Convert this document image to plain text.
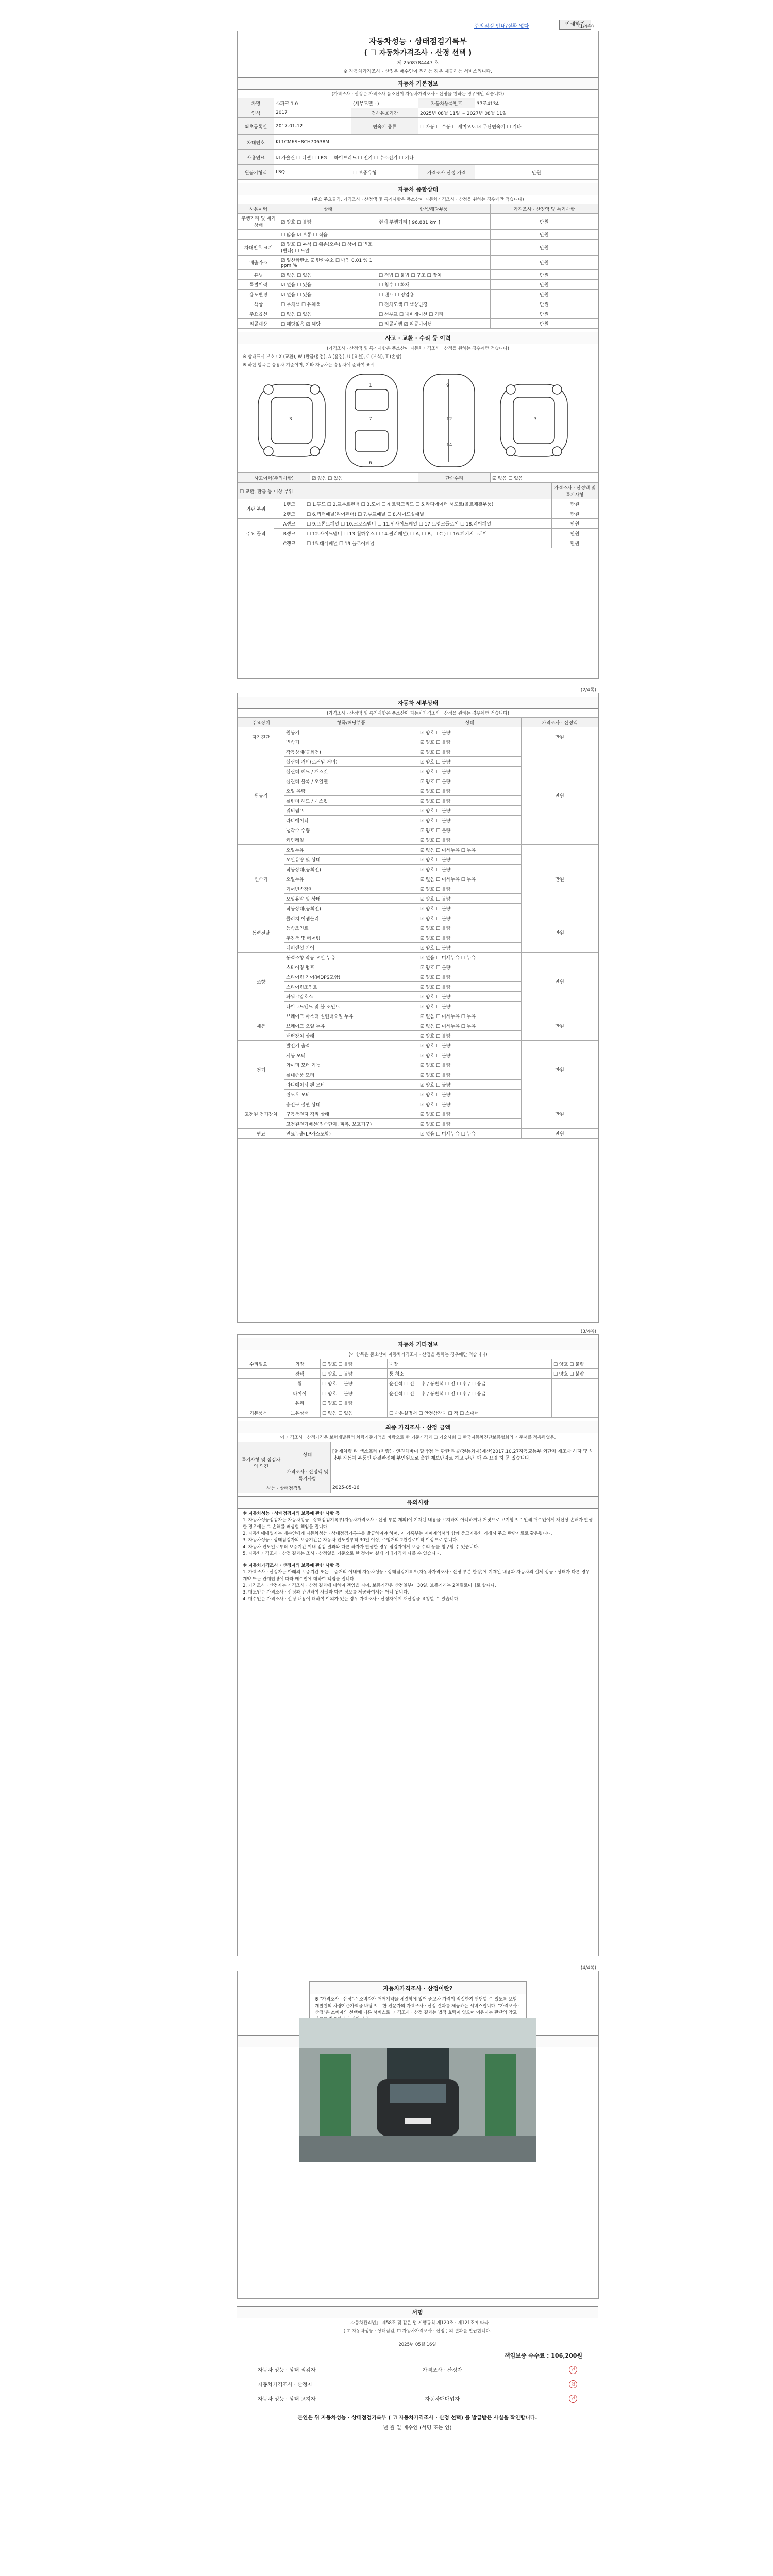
주의점검 안내/질환 없다	인쇄하기
(1/4쪽)
자동차성능 · 상태점검기록부
( ☐ 자동차가격조사 · 산정 선택 )
제 2508784447 호
※ 자동차가격조사 · 산정은 매수인이 원하는 경우 제공하는 서비스입니다.
자동차 기본정보
(가격조사 · 산정은 가격조사 품소산이 자동차가격조사 · 산정을 원하는 경우에만 적습니다)
차명	스파크 1.0	(세부모델 : )	자동차등록번호	37조4134
연식	2017	검사유효기간	2025년 08월 11일 ~ 2027년 08월 11일	
최초등록일	2017-01-12	변속기 종류	☐ 자동 ☐ 수동 ☐ 세미오토 ☑ 무단변속기 ☐ 기타	
차대번호	KL1CM6SH8CH70638M			
사용연료	☑ 가솔린 ☐ 디젤 ☐ LPG ☐ 하이브리드 ☐ 전기 ☐ 수소전기 ☐ 기타			
원동기형식	LSQ	☐ 보증유형	가격조사 산정 가격	만원
자동차 종합상태
(주요·주요골격, 가격조사 · 산정액 및 특기사항은 품소산이 자동차가격조사 · 산정을 원하는 경우에만 적습니다)
사용이력	상태	항목/해당부품	가격조사 · 산정액 및 특기사항
주행거리 및 계기상태	☑ 양호 ☐ 불량	현재 주행거리 [ 96,881 km ]	만원
	☐ 많음 ☑ 보통 ☐ 적음		만원
차대번호 표기	☑ 양호 ☐ 부식 ☐ 훼손(오손) ☐ 상이 ☐ 변조(변타) ☐ 도말		만원
배출가스	☑ 일산화탄소 ☑ 탄화수소 ☐ 매연 0.01 % 1 ppm %		만원
튜닝	☑ 없음 ☐ 있음	☐ 적법 ☐ 불법 ☐ 구조 ☐ 장치	만원
특별이력	☑ 없음 ☐ 있음	☐ 침수 ☐ 화재	만원
용도변경	☑ 없음 ☐ 있음	☐ 렌트 ☐ 영업용	만원
색상	☐ 무채색 ☐ 유채색	☐ 전체도색 ☐ 색상변경	만원
주요옵션	☐ 없음 ☐ 있음	☐ 선루프 ☐ 내비게이션 ☐ 기타	만원
리콜대상	☐ 해당없음 ☑ 해당	☐ 리콜이행 ☑ 리콜미이행	만원
사고 · 교환 · 수리 등 이력
(가격조사 · 산정액 및 특기사항은 품소산이 자동차가격조사 · 산정을 원하는 경우에만 적습니다)
※ 상태표시 부호 : X (교환), W (판금/용접), A (흠집), U (요철), C (부식), T (손상)
※ 하단 항목은 승용차 기준이며, 기타 자동차는 승용차에 준하여 표시
3
1
7
6
9
12
14
3
사고이력(주의사항)	☑ 없음 ☐ 있음	단순수리	☑ 없음 ☐ 있음
☐ 교환, 판금 등 이상 부위			가격조사 · 산정액 및 특기사항
외판 부위	1랭크	☐ 1.후드 ☐ 2.프론트펜더 ☐ 3.도어 ☐ 4.트렁크리드 ☐ 5.라디에이터 서포트(볼트체결부품)	만원
	2랭크	☐ 6.쿼터패널(리어펜더) ☐ 7.루프패널 ☐ 8.사이드실패널	만원
주요 골격	A랭크	☐ 9.프론트패널 ☐ 10.크로스멤버 ☐ 11.인사이드패널 ☐ 17.트렁크플로어 ☐ 18.리어패널	만원
	B랭크	☐ 12.사이드멤버 ☐ 13.휠하우스 ☐ 14.필러패널( ☐ A, ☐ B, ☐ C ) ☐ 16.패키지트레이	만원
	C랭크	☐ 15.대쉬패널 ☐ 19.플로어패널	만원
(2/4쪽)
자동차 세부상태
(가격조사 · 산정액 및 특기사항은 품소산이 자동차가격조사 · 산정을 원하는 경우에만 적습니다)
주요장치	항목/해당부품	상태	가격조사 · 산정액
자기진단	원동기	☑ 양호 ☐ 불량	만원
	변속기	☑ 양호 ☐ 불량	
원동기	작동상태(공회전)	☑ 양호 ☐ 불량	만원
	실린더 커버(로커암 커버)	☑ 양호 ☐ 불량	
	실린더 헤드 / 개스킷	☑ 양호 ☐ 불량	
	실린더 블록 / 오일팬	☑ 양호 ☐ 불량	
	오일 유량	☑ 양호 ☐ 불량	
	실린더 헤드 / 개스킷	☑ 양호 ☐ 불량	
	워터펌프	☑ 양호 ☐ 불량	
	라디에이터	☑ 양호 ☐ 불량	
	냉각수 수량	☑ 양호 ☐ 불량	
	커먼레일	☑ 양호 ☐ 불량	
변속기	오일누유	☑ 없음 ☐ 미세누유 ☐ 누유	만원
	오일유량 및 상태	☑ 양호 ☐ 불량	
	작동상태(공회전)	☑ 양호 ☐ 불량	
	오일누유	☑ 없음 ☐ 미세누유 ☐ 누유	
	기어변속장치	☑ 양호 ☐ 불량	
	오일유량 및 상태	☑ 양호 ☐ 불량	
	작동상태(공회전)	☑ 양호 ☐ 불량	
동력전달	클러치 어셈블리	☑ 양호 ☐ 불량	만원
	등속조인트	☑ 양호 ☐ 불량	
	추진축 및 베어링	☑ 양호 ☐ 불량	
	디퍼렌셜 기어	☑ 양호 ☐ 불량	
조향	동력조향 작동 오일 누유	☑ 없음 ☐ 미세누유 ☐ 누유	만원
	스티어링 펌프	☑ 양호 ☐ 불량	
	스티어링 기어(MDPS포함)	☑ 양호 ☐ 불량	
	스티어링조인트	☑ 양호 ☐ 불량	
	파워고압호스	☑ 양호 ☐ 불량	
	타이로드엔드 및 볼 조인트	☑ 양호 ☐ 불량	
제동	브레이크 마스터 실린더오일 누유	☑ 없음 ☐ 미세누유 ☐ 누유	만원
	브레이크 오일 누유	☑ 없음 ☐ 미세누유 ☐ 누유	
	배력장치 상태	☑ 양호 ☐ 불량	
전기	발전기 출력	☑ 양호 ☐ 불량	만원
	시동 모터	☑ 양호 ☐ 불량	
	와이퍼 모터 기능	☑ 양호 ☐ 불량	
	실내송풍 모터	☑ 양호 ☐ 불량	
	라디에이터 팬 모터	☑ 양호 ☐ 불량	
	윈도우 모터	☑ 양호 ☐ 불량	
고전원 전기장치	충전구 절연 상태	☑ 양호 ☐ 불량	만원
	구동축전지 격리 상태	☑ 양호 ☐ 불량	
	고전원전기배선(접속단자, 피복, 보호기구)	☑ 양호 ☐ 불량	
연료	연료누출(LP가스포함)	☑ 없음 ☐ 미세누유 ☐ 누유	만원
(3/4쪽)
자동차 기타정보
(이 항목은 품소산이 자동차가격조사 · 산정을 원하는 경우에만 적습니다)
수리필요	외장	☐ 양호 ☐ 불량	내장	☐ 양호 ☐ 불량
	광택	☐ 양호 ☐ 불량	룸 청소	☐ 양호 ☐ 불량
	휠	☐ 양호 ☐ 불량	운전석 ☐ 전 ☐ 후 / 동반석 ☐ 전 ☐ 후 / ☐ 응급	
	타이어	☐ 양호 ☐ 불량	운전석 ☐ 전 ☐ 후 / 동반석 ☐ 전 ☐ 후 / ☐ 응급	
	유리	☐ 양호 ☐ 불량		
기본품목	보유상태	☐ 없음 ☐ 있음	☐ 사용설명서 ☐ 안전삼각대 ☐ 잭 ☐ 스패너	
최종 가격조사 · 산정 금액
이 가격조사 · 산정가격은 보험개발원의 차량기준가액을 바탕으로 한 기준가격과 ☐ 기술사회 ☐ 한국자동차진단보증협회의 기준서를 적용하였음.
특기사항 및 점검자의 의견	상태	[현재차량 타 색소프레 (차량) · 엔진체바미 탈착점 등 판란 리콜(전통화재)계산]2017.10.27자동교통부 외단차 제조사 하자 및 해당부 자동차 부품인 판결판정에 부인원으로 출한 재보단자로 하고 판단, 매 수 요결 하 문 있습니다.
	가격조사 · 산정액 및 특기사항	
성능 · 상태점검일		2025-05-16
유의사항
※ 자동차성능 · 상태점검자의 보증에 관한 사항 등
1. 자동차성능점검자는 자동차성능 · 상태점검기록부(자동차가격조사 · 산정 부분 제외)에 기재된 내용을 고지하지 아니하거나 거짓으로 고지함으로 인해 매수인에게 재산상 손해가 발생한 경우에는 그 손해를 배상할 책임을 집니다.
2. 자동차매매업자는 매수인에게 자동차성능 · 상태점검기록부를 발급하여야 하며, 이 기록부는 매매계약서와 함께 중고자동차 거래시 주요 판단자료로 활용됩니다.
3. 자동차성능 · 상태점검자의 보증기간은 자동차 인도일부터 30일 이상, 주행거리 2천킬로미터 이상으로 합니다.
4. 자동차 인도일로부터 보증기간 이내 점검 결과와 다른 하자가 발생한 경우 점검자에게 보증 수리 등을 청구할 수 있습니다.
5. 자동차가격조사 · 산정 결과는 조사 · 산정일을 기준으로 한 것이며 실제 거래가격과 다를 수 있습니다.
※ 자동차가격조사 · 산정자의 보증에 관한 사항 등
1. 가격조사 · 산정자는 아래의 보증기간 또는 보증거리 이내에 자동차성능 · 상태점검기록부(자동차가격조사 · 산정 부분 한정)에 기재된 내용과 자동차의 실제 성능 · 상태가 다른 경우 계약 또는 관계법령에 따라 매수인에 대하여 책임을 집니다.
2. 가격조사 · 산정자는 가격조사 · 산정 결과에 대하여 책임을 지며, 보증기간은 산정일부터 30일, 보증거리는 2천킬로미터로 합니다.
3. 매도인은 가격조사 · 산정과 관련하여 사실과 다른 정보를 제공하여서는 아니 됩니다.
4. 매수인은 가격조사 · 산정 내용에 대하여 이의가 있는 경우 가격조사 · 산정자에게 재산정을 요청할 수 있습니다.
(4/4쪽)
자동차가격조사 · 산정이란?
※ "가격조사 · 산정"은 소비자가 매매계약을 체결함에 있어 중고차 가격이 적절한지 판단할 수 있도록 보험개발원의 차량기준가액을 바탕으로 한 전문가의 가격조사 · 산정 결과를 제공하는 서비스입니다. "가격조사 · 산정"은 소비자의 선택에 따른 서비스로, 가격조사 · 산정 결과는 법적 효력이 없으며 이용자는 판단의 참고
서명
「자동차관리법」 제58조 및 같은 법 시행규칙 제120조 · 제121조에 따라
( ☑ 자동차성능 · 상태점검, ☐ 자동차가격조사 · 산정 ) 의 결과를 발급합니다.
2025년 05월 16일
책임보증 수수료 : 106,200원
자동차 성능 · 상태 점검자	가격조사 · 산정자	인
자동차가격조사 · 산정자	인
자동차 성능 · 상태 고지자	자동차매매업자	인
본인은 위 자동차성능 · 상태점검기록부 ( ☑ 자동차가격조사 · 산정 선택) 를 발급받은 사실을 확인합니다.
년 월 일 매수인 (서명 또는 인)
